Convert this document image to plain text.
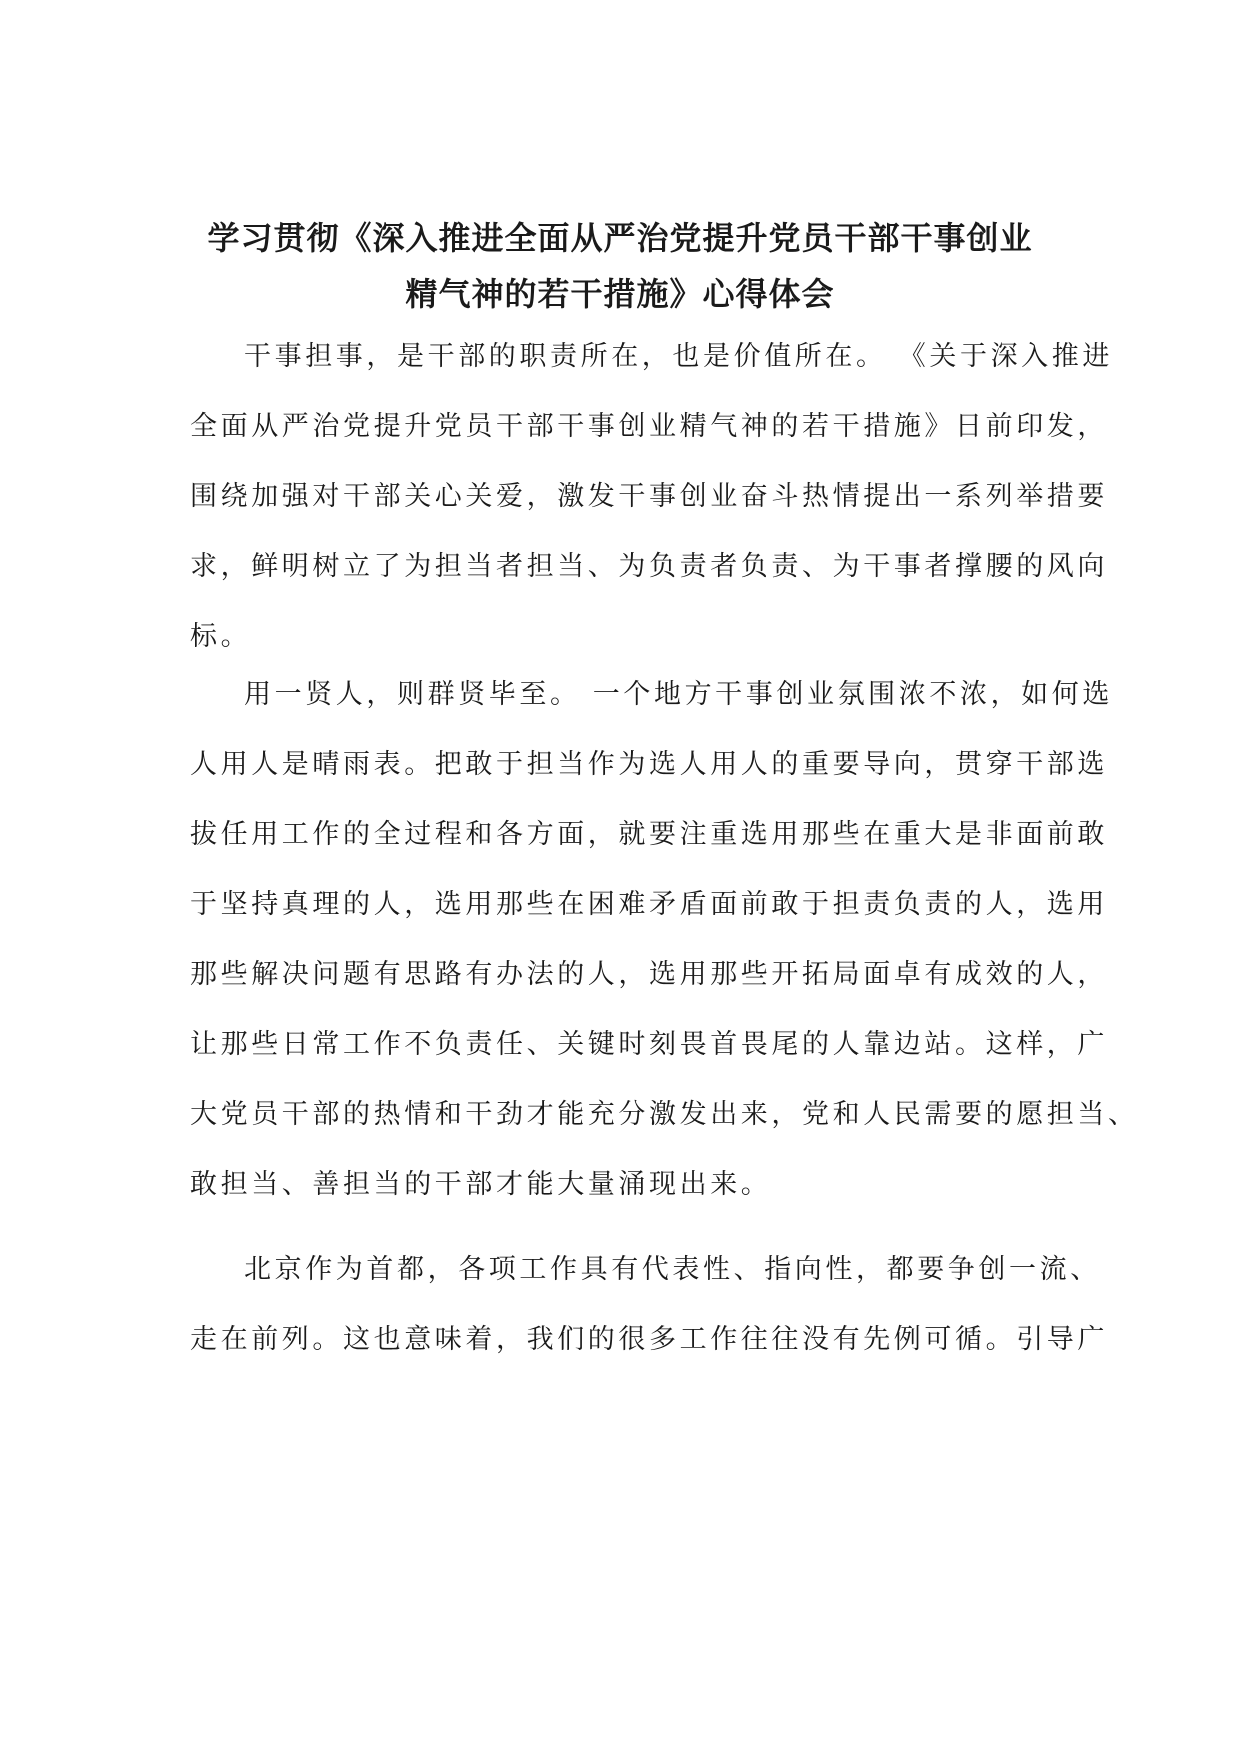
学习贯彻《深入推进全面从严治党提升党员干部干事创业
精气神的若干措施》心得体会
干事担事，是干部的职责所在，也是价值所在。 《关于深入推进
全面从严治党提升党员干部干事创业精气神的若干措施》日前印发，
围绕加强对干部关心关爱，激发干事创业奋斗热情提出一系列举措要
求，鲜明树立了为担当者担当、为负责者负责、为干事者撑腰的风向
标。
用一贤人，则群贤毕至。 一个地方干事创业氛围浓不浓，如何选
人用人是晴雨表。把敢于担当作为选人用人的重要导向，贯穿干部选
拔任用工作的全过程和各方面，就要注重选用那些在重大是非面前敢
于坚持真理的人，选用那些在困难矛盾面前敢于担责负责的人，选用
那些解决问题有思路有办法的人，选用那些开拓局面卓有成效的人，
让那些日常工作不负责任、关键时刻畏首畏尾的人靠边站。这样，广
大党员干部的热情和干劲才能充分激发出来，党和人民需要的愿担当、
敢担当、善担当的干部才能大量涌现出来。
北京作为首都，各项工作具有代表性、指向性，都要争创一流、
走在前列。这也意味着，我们的很多工作往往没有先例可循。引导广
